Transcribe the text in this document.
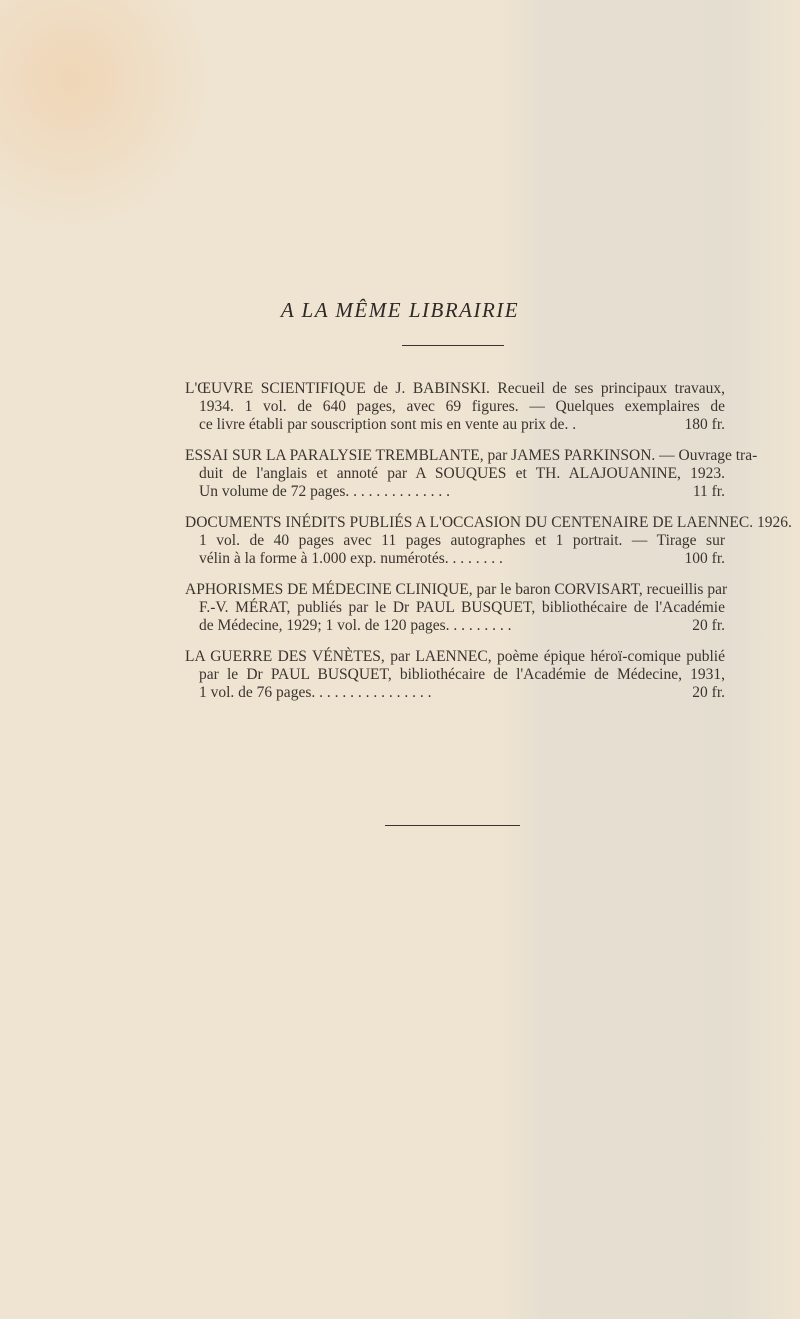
A LA MÊME LIBRAIRIE
L'ŒUVRE SCIENTIFIQUE de J. BABINSKI. Recueil de ses principaux travaux,
1934. 1 vol. de 640 pages, avec 69 figures. — Quelques exemplaires de
ce livre établi par souscription sont mis en vente au prix de. .	180 fr.
ESSAI SUR LA PARALYSIE TREMBLANTE, par JAMES PARKINSON. — Ouvrage tra-
duit de l'anglais et annoté par A SOUQUES et TH. ALAJOUANINE, 1923.
Un volume de 72 pages. . . . . . . . . . . . . .	11 fr.
DOCUMENTS INÉDITS PUBLIÉS A L'OCCASION DU CENTENAIRE DE LAENNEC. 1926.
1 vol. de 40 pages avec 11 pages autographes et 1 portrait. — Tirage sur
vélin à la forme à 1.000 exp. numérotés. . . . . . . .	100 fr.
APHORISMES DE MÉDECINE CLINIQUE, par le baron CORVISART, recueillis par
F.-V. MÉRAT, publiés par le Dr PAUL BUSQUET, bibliothécaire de l'Académie
de Médecine, 1929; 1 vol. de 120 pages. . . . . . . . .	20 fr.
LA GUERRE DES VÉNÈTES, par LAENNEC, poème épique héroï-comique publié
par le Dr PAUL BUSQUET, bibliothécaire de l'Académie de Médecine, 1931,
1 vol. de 76 pages. . . . . . . . . . . . . . . .	20 fr.
